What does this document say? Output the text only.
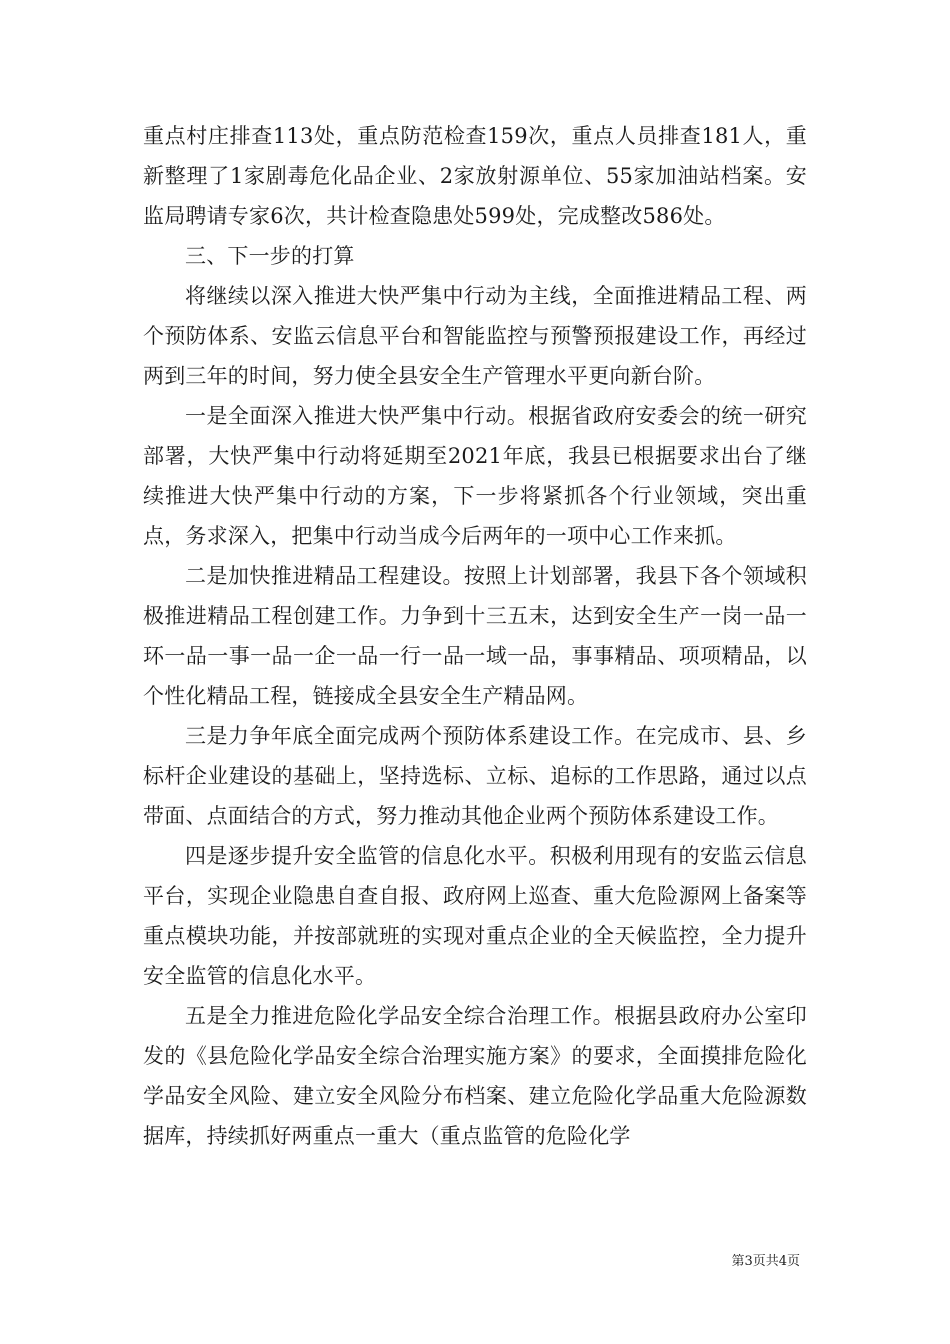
重点村庄排查113处，重点防范检查159次，重点人员排查181人，重新整理了1家剧毒危化品企业、2家放射源单位、55家加油站档案。安监局聘请专家6次，共计检查隐患处599处，完成整改586处。

三、下一步的打算

将继续以深入推进大快严集中行动为主线，全面推进精品工程、两个预防体系、安监云信息平台和智能监控与预警预报建设工作，再经过两到三年的时间，努力使全县安全生产管理水平更向新台阶。

一是全面深入推进大快严集中行动。根据省政府安委会的统一研究部署，大快严集中行动将延期至2021年底，我县已根据要求出台了继续推进大快严集中行动的方案，下一步将紧抓各个行业领域，突出重点，务求深入，把集中行动当成今后两年的一项中心工作来抓。

二是加快推进精品工程建设。按照上计划部署，我县下各个领域积极推进精品工程创建工作。力争到十三五末，达到安全生产一岗一品一环一品一事一品一企一品一行一品一域一品，事事精品、项项精品，以个性化精品工程，链接成全县安全生产精品网。

三是力争年底全面完成两个预防体系建设工作。在完成市、县、乡标杆企业建设的基础上，坚持选标、立标、追标的工作思路，通过以点带面、点面结合的方式，努力推动其他企业两个预防体系建设工作。

四是逐步提升安全监管的信息化水平。积极利用现有的安监云信息平台，实现企业隐患自查自报、政府网上巡查、重大危险源网上备案等重点模块功能，并按部就班的实现对重点企业的全天候监控，全力提升安全监管的信息化水平。

五是全力推进危险化学品安全综合治理工作。根据县政府办公室印发的《县危险化学品安全综合治理实施方案》的要求，全面摸排危险化学品安全风险、建立安全风险分布档案、建立危险化学品重大危险源数据库，持续抓好两重点一重大（重点监管的危险化学

第3页共4页
